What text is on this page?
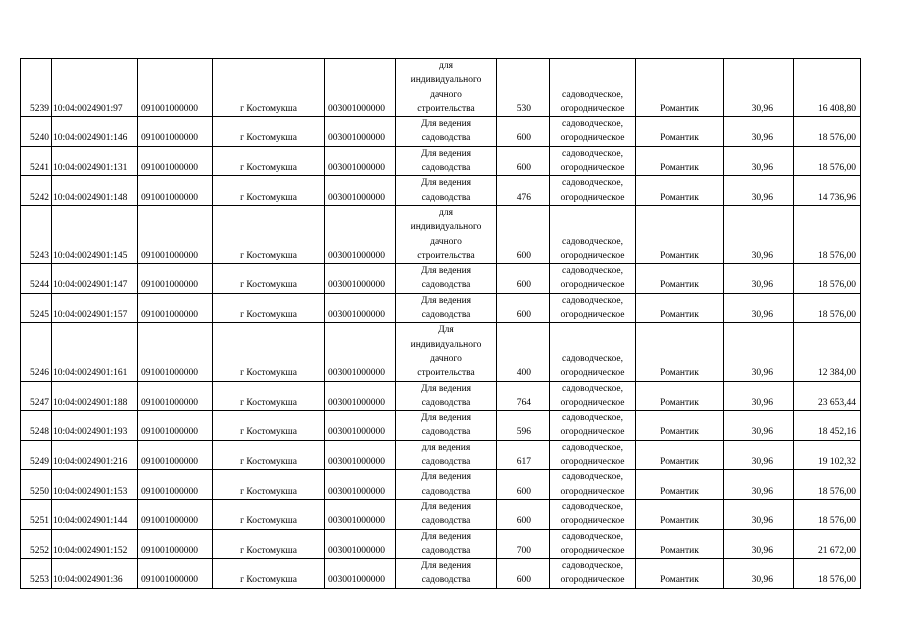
5239	10:04:0024901:97	091001000000	г Костомукша	003001000000	для
индивидуального
дачного
строительства	530	садоводческое,
огородническое	Романтик	30,96	16 408,80
5240	10:04:0024901:146	091001000000	г Костомукша	003001000000	Для ведения
садоводства	600	садоводческое,
огородническое	Романтик	30,96	18 576,00
5241	10:04:0024901:131	091001000000	г Костомукша	003001000000	Для ведения
садоводства	600	садоводческое,
огородническое	Романтик	30,96	18 576,00
5242	10:04:0024901:148	091001000000	г Костомукша	003001000000	Для ведения
садоводства	476	садоводческое,
огородническое	Романтик	30,96	14 736,96
5243	10:04:0024901:145	091001000000	г Костомукша	003001000000	для
индивидуального
дачного
строительства	600	садоводческое,
огородническое	Романтик	30,96	18 576,00
5244	10:04:0024901:147	091001000000	г Костомукша	003001000000	Для ведения
садоводства	600	садоводческое,
огородническое	Романтик	30,96	18 576,00
5245	10:04:0024901:157	091001000000	г Костомукша	003001000000	Для ведения
садоводства	600	садоводческое,
огородническое	Романтик	30,96	18 576,00
5246	10:04:0024901:161	091001000000	г Костомукша	003001000000	Для
индивидуального
дачного
строительства	400	садоводческое,
огородническое	Романтик	30,96	12 384,00
5247	10:04:0024901:188	091001000000	г Костомукша	003001000000	Для ведения
садоводства	764	садоводческое,
огородническое	Романтик	30,96	23 653,44
5248	10:04:0024901:193	091001000000	г Костомукша	003001000000	Для ведения
садоводства	596	садоводческое,
огородническое	Романтик	30,96	18 452,16
5249	10:04:0024901:216	091001000000	г Костомукша	003001000000	для ведения
садоводства	617	садоводческое,
огородническое	Романтик	30,96	19 102,32
5250	10:04:0024901:153	091001000000	г Костомукша	003001000000	Для ведения
садоводства	600	садоводческое,
огородническое	Романтик	30,96	18 576,00
5251	10:04:0024901:144	091001000000	г Костомукша	003001000000	Для ведения
садоводства	600	садоводческое,
огородническое	Романтик	30,96	18 576,00
5252	10:04:0024901:152	091001000000	г Костомукша	003001000000	Для ведения
садоводства	700	садоводческое,
огородническое	Романтик	30,96	21 672,00
5253	10:04:0024901:36	091001000000	г Костомукша	003001000000	Для ведения
садоводства	600	садоводческое,
огородническое	Романтик	30,96	18 576,00
